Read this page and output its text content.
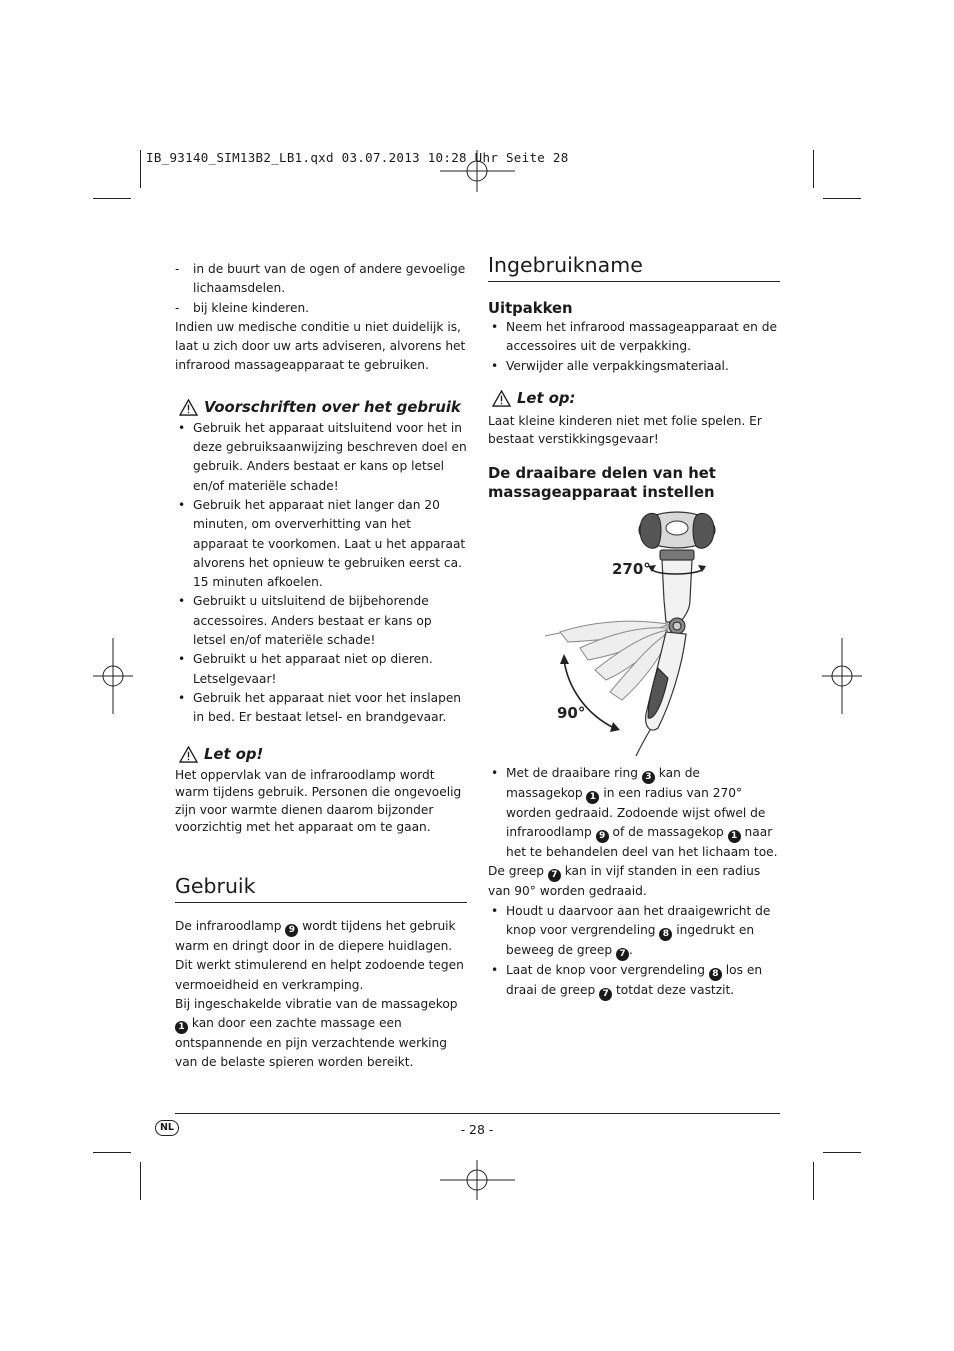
IB_93140_SIM13B2_LB1.qxd 03.07.2013 10:28 Uhr Seite 28
- in de buurt van de ogen of andere gevoelige lichaamsdelen.
- bij kleine kinderen.

Indien uw medische conditie u niet duidelijk is, laat u zich door uw arts adviseren, alvorens het infrarood massageapparaat te gebruiken.

Voorschriften over het gebruik
• Gebruik het apparaat uitsluitend voor het in deze gebruiksaanwijzing beschreven doel en gebruik. Anders bestaat er kans op letsel en/of materiële schade!
• Gebruik het apparaat niet langer dan 20 minuten, om oververhitting van het apparaat te voorkomen. Laat u het apparaat alvorens het opnieuw te gebruiken eerst ca. 15 minuten afkoelen.
• Gebruikt u uitsluitend de bijbehorende accessoires. Anders bestaat er kans op letsel en/of materiële schade!
• Gebruikt u het apparaat niet op dieren. Letselgevaar!
• Gebruik het apparaat niet voor het inslapen in bed. Er bestaat letsel- en brandgevaar.
Let op!

Het oppervlak van de infraroodlamp wordt warm tijdens gebruik. Personen die ongevoelig zijn voor warmte dienen daarom bijzonder voorzichtig met het apparaat om te gaan.

Gebruik

De infraroodlamp 9 wordt tijdens het gebruik warm en dringt door in de diepere huidlagen. Dit werkt stimulerend en helpt zodoende tegen vermoeidheid en verkramping.

Bij ingeschakelde vibratie van de massagekop 1 kan door een zachte massage een ontspannende en pijn verzachtende werking van de belaste spieren worden bereikt.

Ingebruikname
Uitpakken
• Neem het infrarood massageapparaat en de accessoires uit de verpakking.
• Verwijder alle verpakkingsmateriaal.
Let op:

Laat kleine kinderen niet met folie spelen. Er bestaat verstikkingsgevaar!

De draaibare delen van het massageapparaat instellen
• Met de draaibare ring 3 kan de massagekop 1 in een radius van 270° worden gedraaid. Zodoende wijst ofwel de infraroodlamp 9 of de massagekop 1 naar het te behandelen deel van het lichaam toe.

De greep 7 kan in vijf standen in een radius van 90° worden gedraaid.

• Houdt u daarvoor aan het draaigewricht de knop voor vergrendeling 8 ingedrukt en beweeg de greep 7 .
• Laat de knop voor vergrendeling 8 los en draai de greep 7 totdat deze vastzit.
270°
90°
NL	- 28 -
